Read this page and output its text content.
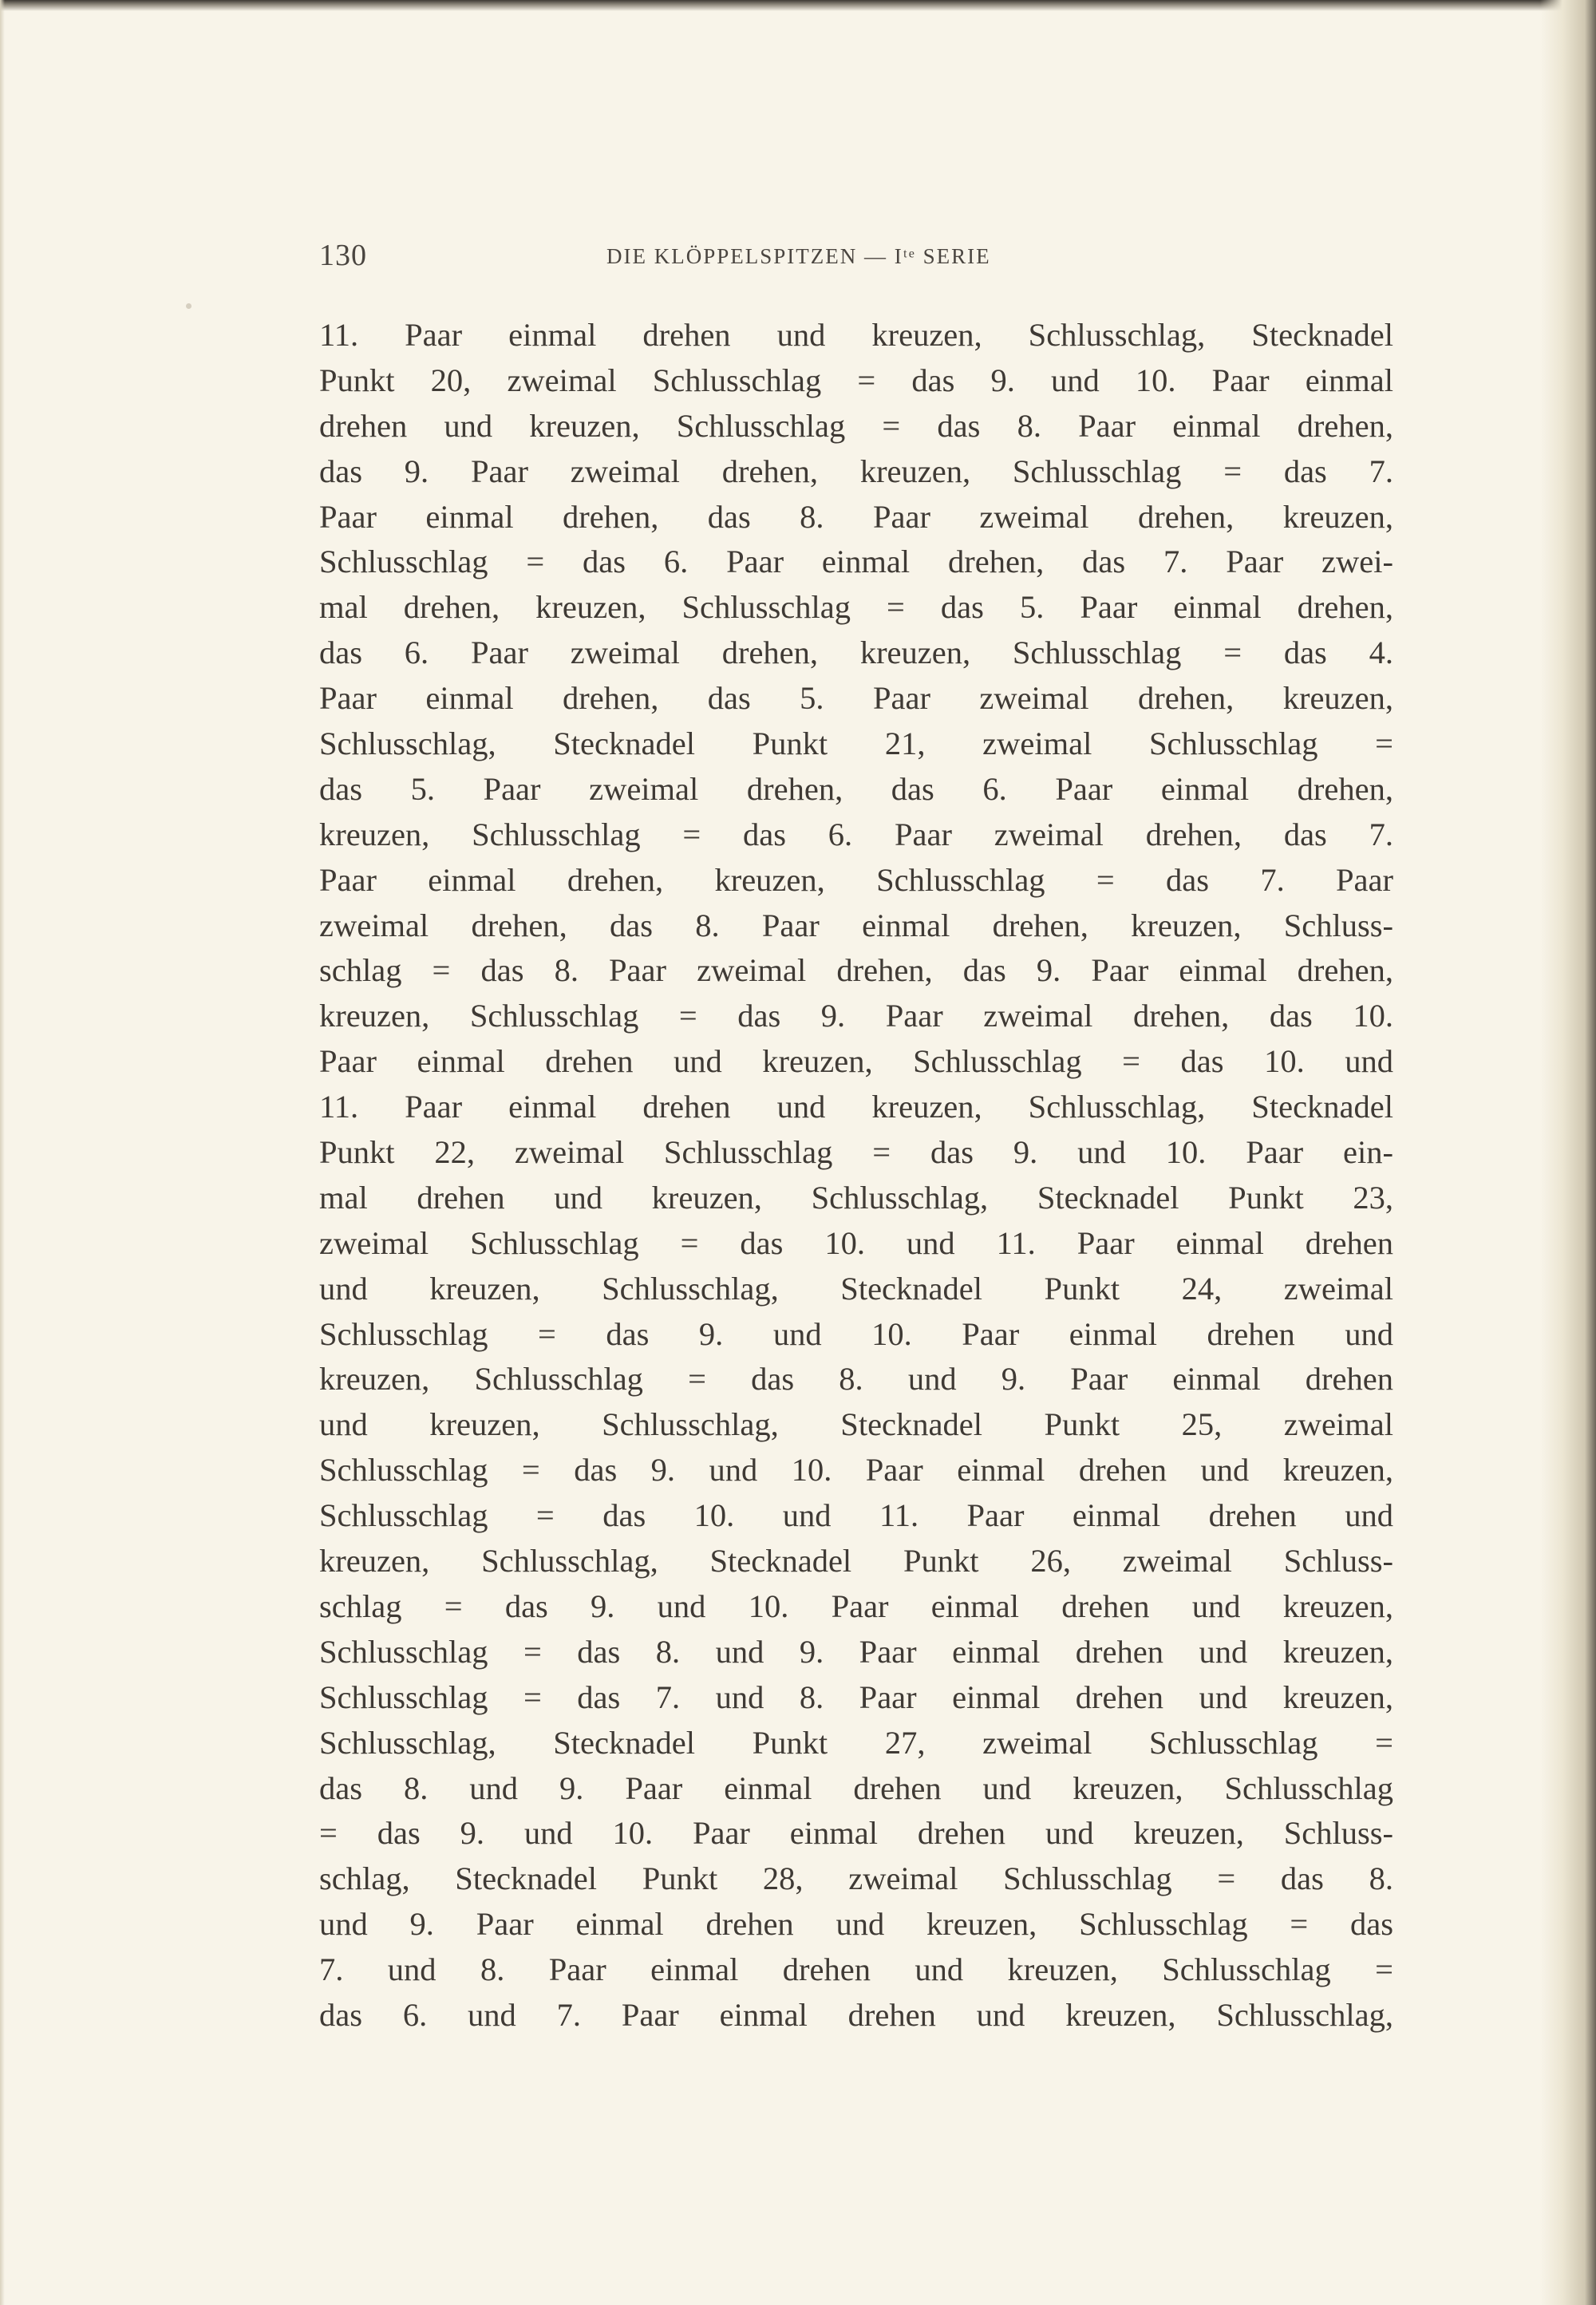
130	DIE KLÖPPELSPITZEN — Iᵗᵉ SERIE
11. Paar einmal drehen und kreuzen, Schlusschlag, Stecknadel
Punkt 20, zweimal Schlusschlag = das 9. und 10. Paar einmal
drehen und kreuzen, Schlusschlag = das 8. Paar einmal drehen,
das 9. Paar zweimal drehen, kreuzen, Schlusschlag = das 7.
Paar einmal drehen, das 8. Paar zweimal drehen, kreuzen,
Schlusschlag = das 6. Paar einmal drehen, das 7. Paar zwei-
mal drehen, kreuzen, Schlusschlag = das 5. Paar einmal drehen,
das 6. Paar zweimal drehen, kreuzen, Schlusschlag = das 4.
Paar einmal drehen, das 5. Paar zweimal drehen, kreuzen,
Schlusschlag, Stecknadel Punkt 21, zweimal Schlusschlag =
das 5. Paar zweimal drehen, das 6. Paar einmal drehen,
kreuzen, Schlusschlag = das 6. Paar zweimal drehen, das 7.
Paar einmal drehen, kreuzen, Schlusschlag = das 7. Paar
zweimal drehen, das 8. Paar einmal drehen, kreuzen, Schluss-
schlag = das 8. Paar zweimal drehen, das 9. Paar einmal drehen,
kreuzen, Schlusschlag = das 9. Paar zweimal drehen, das 10.
Paar einmal drehen und kreuzen, Schlusschlag = das 10. und
11. Paar einmal drehen und kreuzen, Schlusschlag, Stecknadel
Punkt 22, zweimal Schlusschlag = das 9. und 10. Paar ein-
mal drehen und kreuzen, Schlusschlag, Stecknadel Punkt 23,
zweimal Schlusschlag = das 10. und 11. Paar einmal drehen
und kreuzen, Schlusschlag, Stecknadel Punkt 24, zweimal
Schlusschlag = das 9. und 10. Paar einmal drehen und
kreuzen, Schlusschlag = das 8. und 9. Paar einmal drehen
und kreuzen, Schlusschlag, Stecknadel Punkt 25, zweimal
Schlusschlag = das 9. und 10. Paar einmal drehen und kreuzen,
Schlusschlag = das 10. und 11. Paar einmal drehen und
kreuzen, Schlusschlag, Stecknadel Punkt 26, zweimal Schluss-
schlag = das 9. und 10. Paar einmal drehen und kreuzen,
Schlusschlag = das 8. und 9. Paar einmal drehen und kreuzen,
Schlusschlag = das 7. und 8. Paar einmal drehen und kreuzen,
Schlusschlag, Stecknadel Punkt 27, zweimal Schlusschlag =
das 8. und 9. Paar einmal drehen und kreuzen, Schlusschlag
= das 9. und 10. Paar einmal drehen und kreuzen, Schluss-
schlag, Stecknadel Punkt 28, zweimal Schlusschlag = das 8.
und 9. Paar einmal drehen und kreuzen, Schlusschlag = das
7. und 8. Paar einmal drehen und kreuzen, Schlusschlag =
das 6. und 7. Paar einmal drehen und kreuzen, Schlusschlag,
